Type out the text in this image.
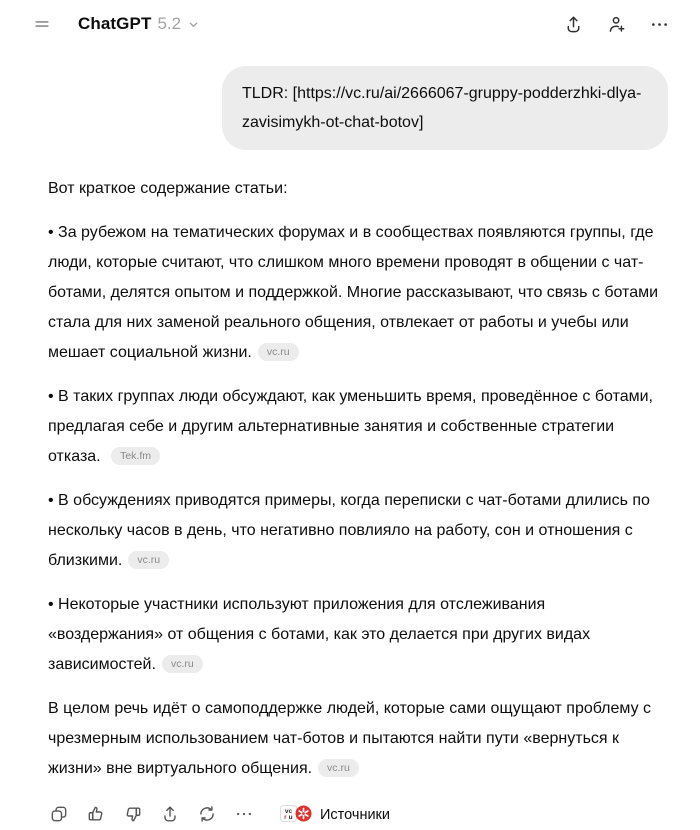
ChatGPT 5.2
TLDR: [https://vc.ru/ai/2666067-gruppy-podderzhki-dlya-zavisimykh-ot-chat-botov]

Вот краткое содержание статьи:

• За рубежом на тематических форумах и в сообществах появляются группы, где люди, которые считают, что слишком много времени проводят в общении с чат-ботами, делятся опытом и поддержкой. Многие рассказывают, что связь с ботами стала для них заменой реального общения, отвлекает от работы и учебы или мешает социальной жизни. vc.ru

• В таких группах люди обсуждают, как уменьшить время, проведённое с ботами, предлагая себе и другим альтернативные занятия и собственные стратегии отказа. Tek.fm

• В обсуждениях приводятся примеры, когда переписки с чат-ботами длились по нескольку часов в день, что негативно повлияло на работу, сон и отношения с близкими. vc.ru

• Некоторые участники используют приложения для отслеживания «воздержания» от общения с ботами, как это делается при других видах зависимостей. vc.ru

В целом речь идёт о самоподдержке людей, которые сами ощущают проблему с чрезмерным использованием чат-ботов и пытаются найти пути «вернуться к жизни» вне виртуального общения. vc.ru

vc
r u Источники
